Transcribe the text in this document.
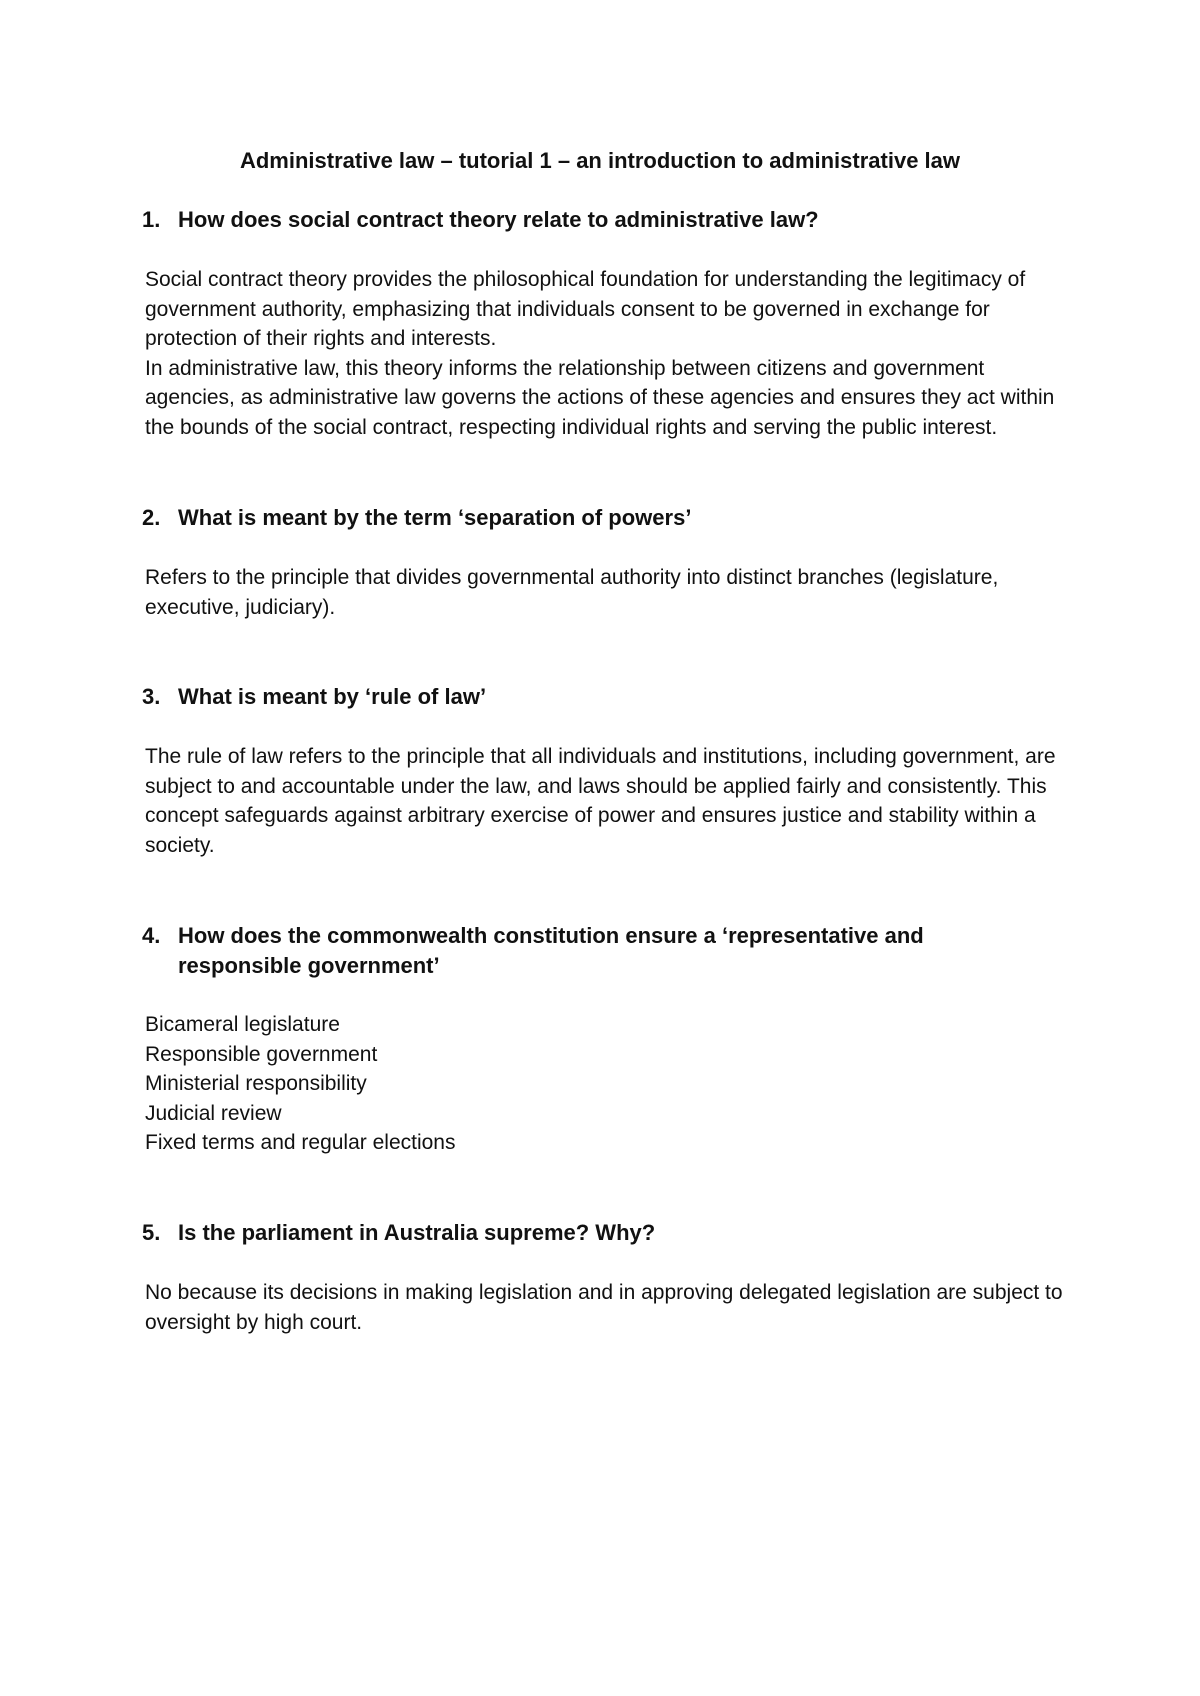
Administrative law – tutorial 1 – an introduction to administrative law
1. How does social contract theory relate to administrative law?

Social contract theory provides the philosophical foundation for understanding the legitimacy of government authority, emphasizing that individuals consent to be governed in exchange for protection of their rights and interests.

In administrative law, this theory informs the relationship between citizens and government agencies, as administrative law governs the actions of these agencies and ensures they act within the bounds of the social contract, respecting individual rights and serving the public interest.

2. What is meant by the term ‘separation of powers’

Refers to the principle that divides governmental authority into distinct branches (legislature, executive, judiciary).

3. What is meant by ‘rule of law’

The rule of law refers to the principle that all individuals and institutions, including government, are subject to and accountable under the law, and laws should be applied fairly and consistently. This concept safeguards against arbitrary exercise of power and ensures justice and stability within a society.

4. How does the commonwealth constitution ensure a ‘representative and responsible government’
Bicameral legislature
Responsible government
Ministerial responsibility
Judicial review
Fixed terms and regular elections
5. Is the parliament in Australia supreme? Why?

No because its decisions in making legislation and in approving delegated legislation are subject to oversight by high court.
